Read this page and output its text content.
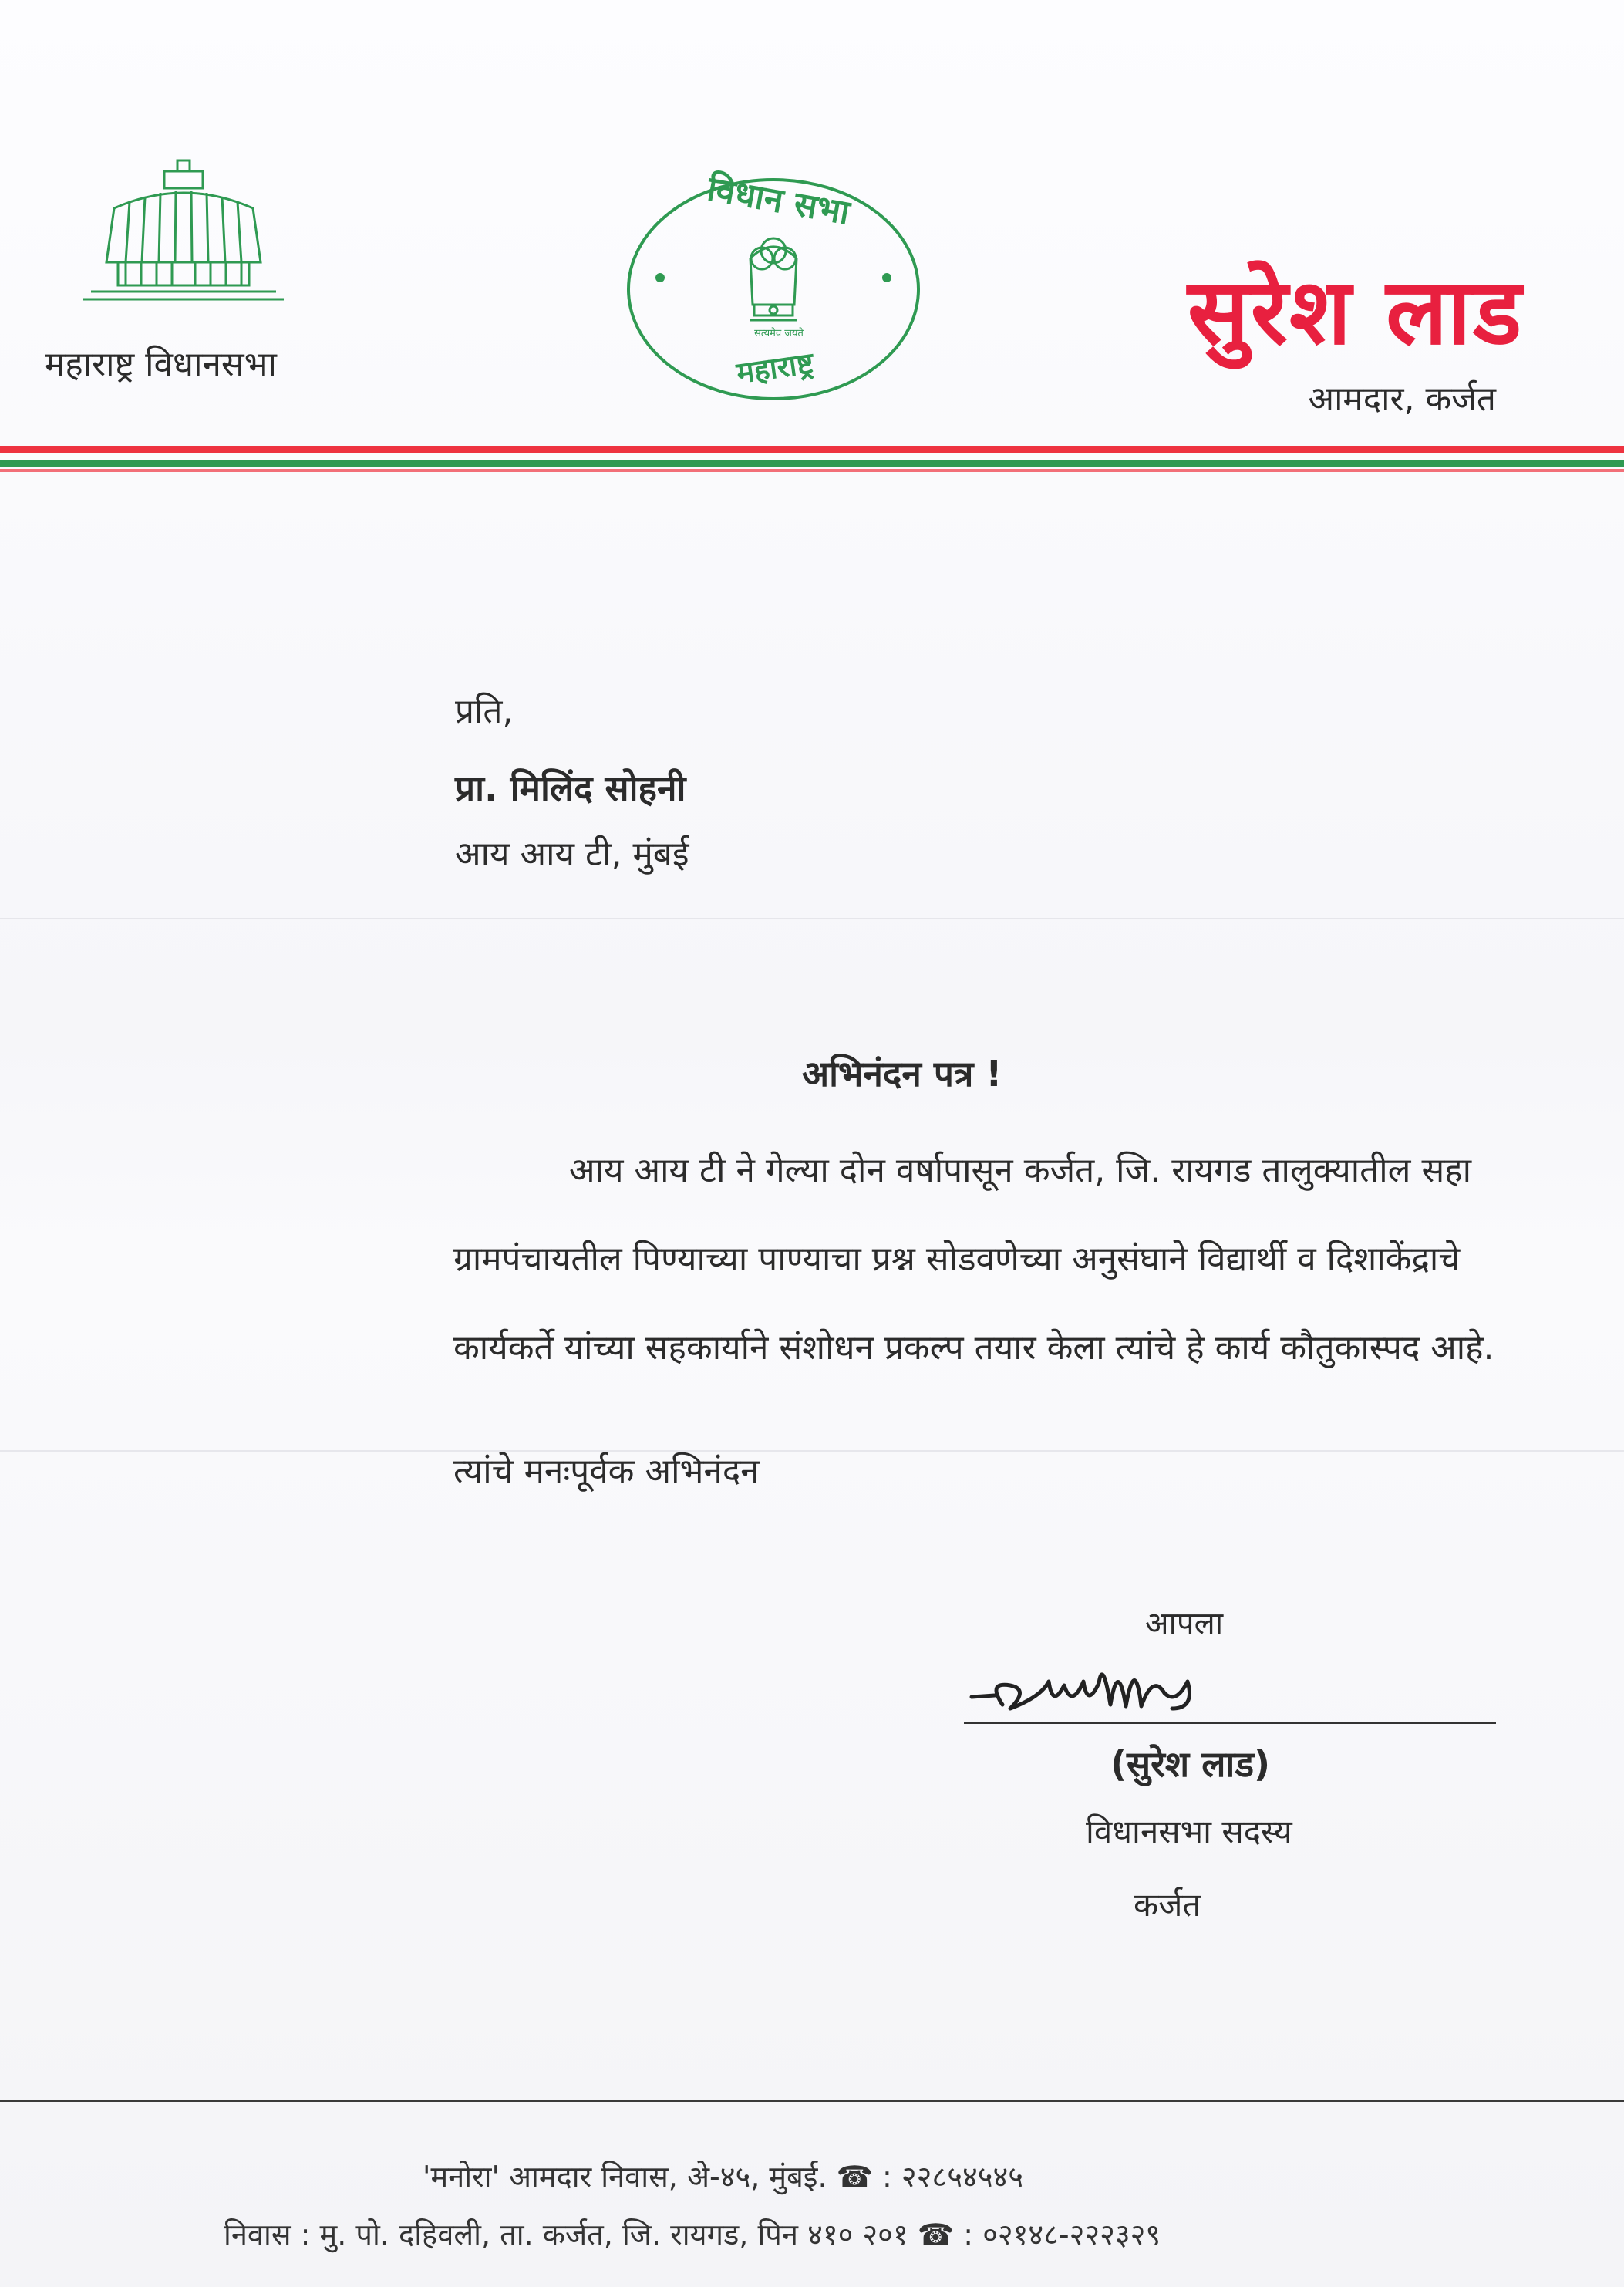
महाराष्ट्र विधानसभा
विधान सभा
सत्यमेव जयते
महाराष्ट्र
सुरेश लाड
आमदार, कर्जत
प्रति,
प्रा. मिलिंद सोहनी
आय आय टी, मुंबई
अभिनंदन पत्र !
आय आय टी ने गेल्या दोन वर्षापासून कर्जत, जि. रायगड तालुक्यातील सहा ग्रामपंचायतील पिण्याच्या पाण्याचा प्रश्न सोडवणेच्या अनुसंघाने विद्यार्थी व दिशाकेंद्राचे कार्यकर्ते यांच्या सहकार्याने संशोधन प्रकल्प तयार केला त्यांचे हे कार्य कौतुकास्पद आहे.
त्यांचे मनःपूर्वक अभिनंदन
आपला
(सुरेश लाड)
विधानसभा सदस्य
कर्जत
'मनोरा' आमदार निवास, अे-४५, मुंबई. ☎ : २२८५४५४५
निवास : मु. पो. दहिवली, ता. कर्जत, जि. रायगड, पिन ४१० २०१ ☎ : ०२१४८-२२२३२९
